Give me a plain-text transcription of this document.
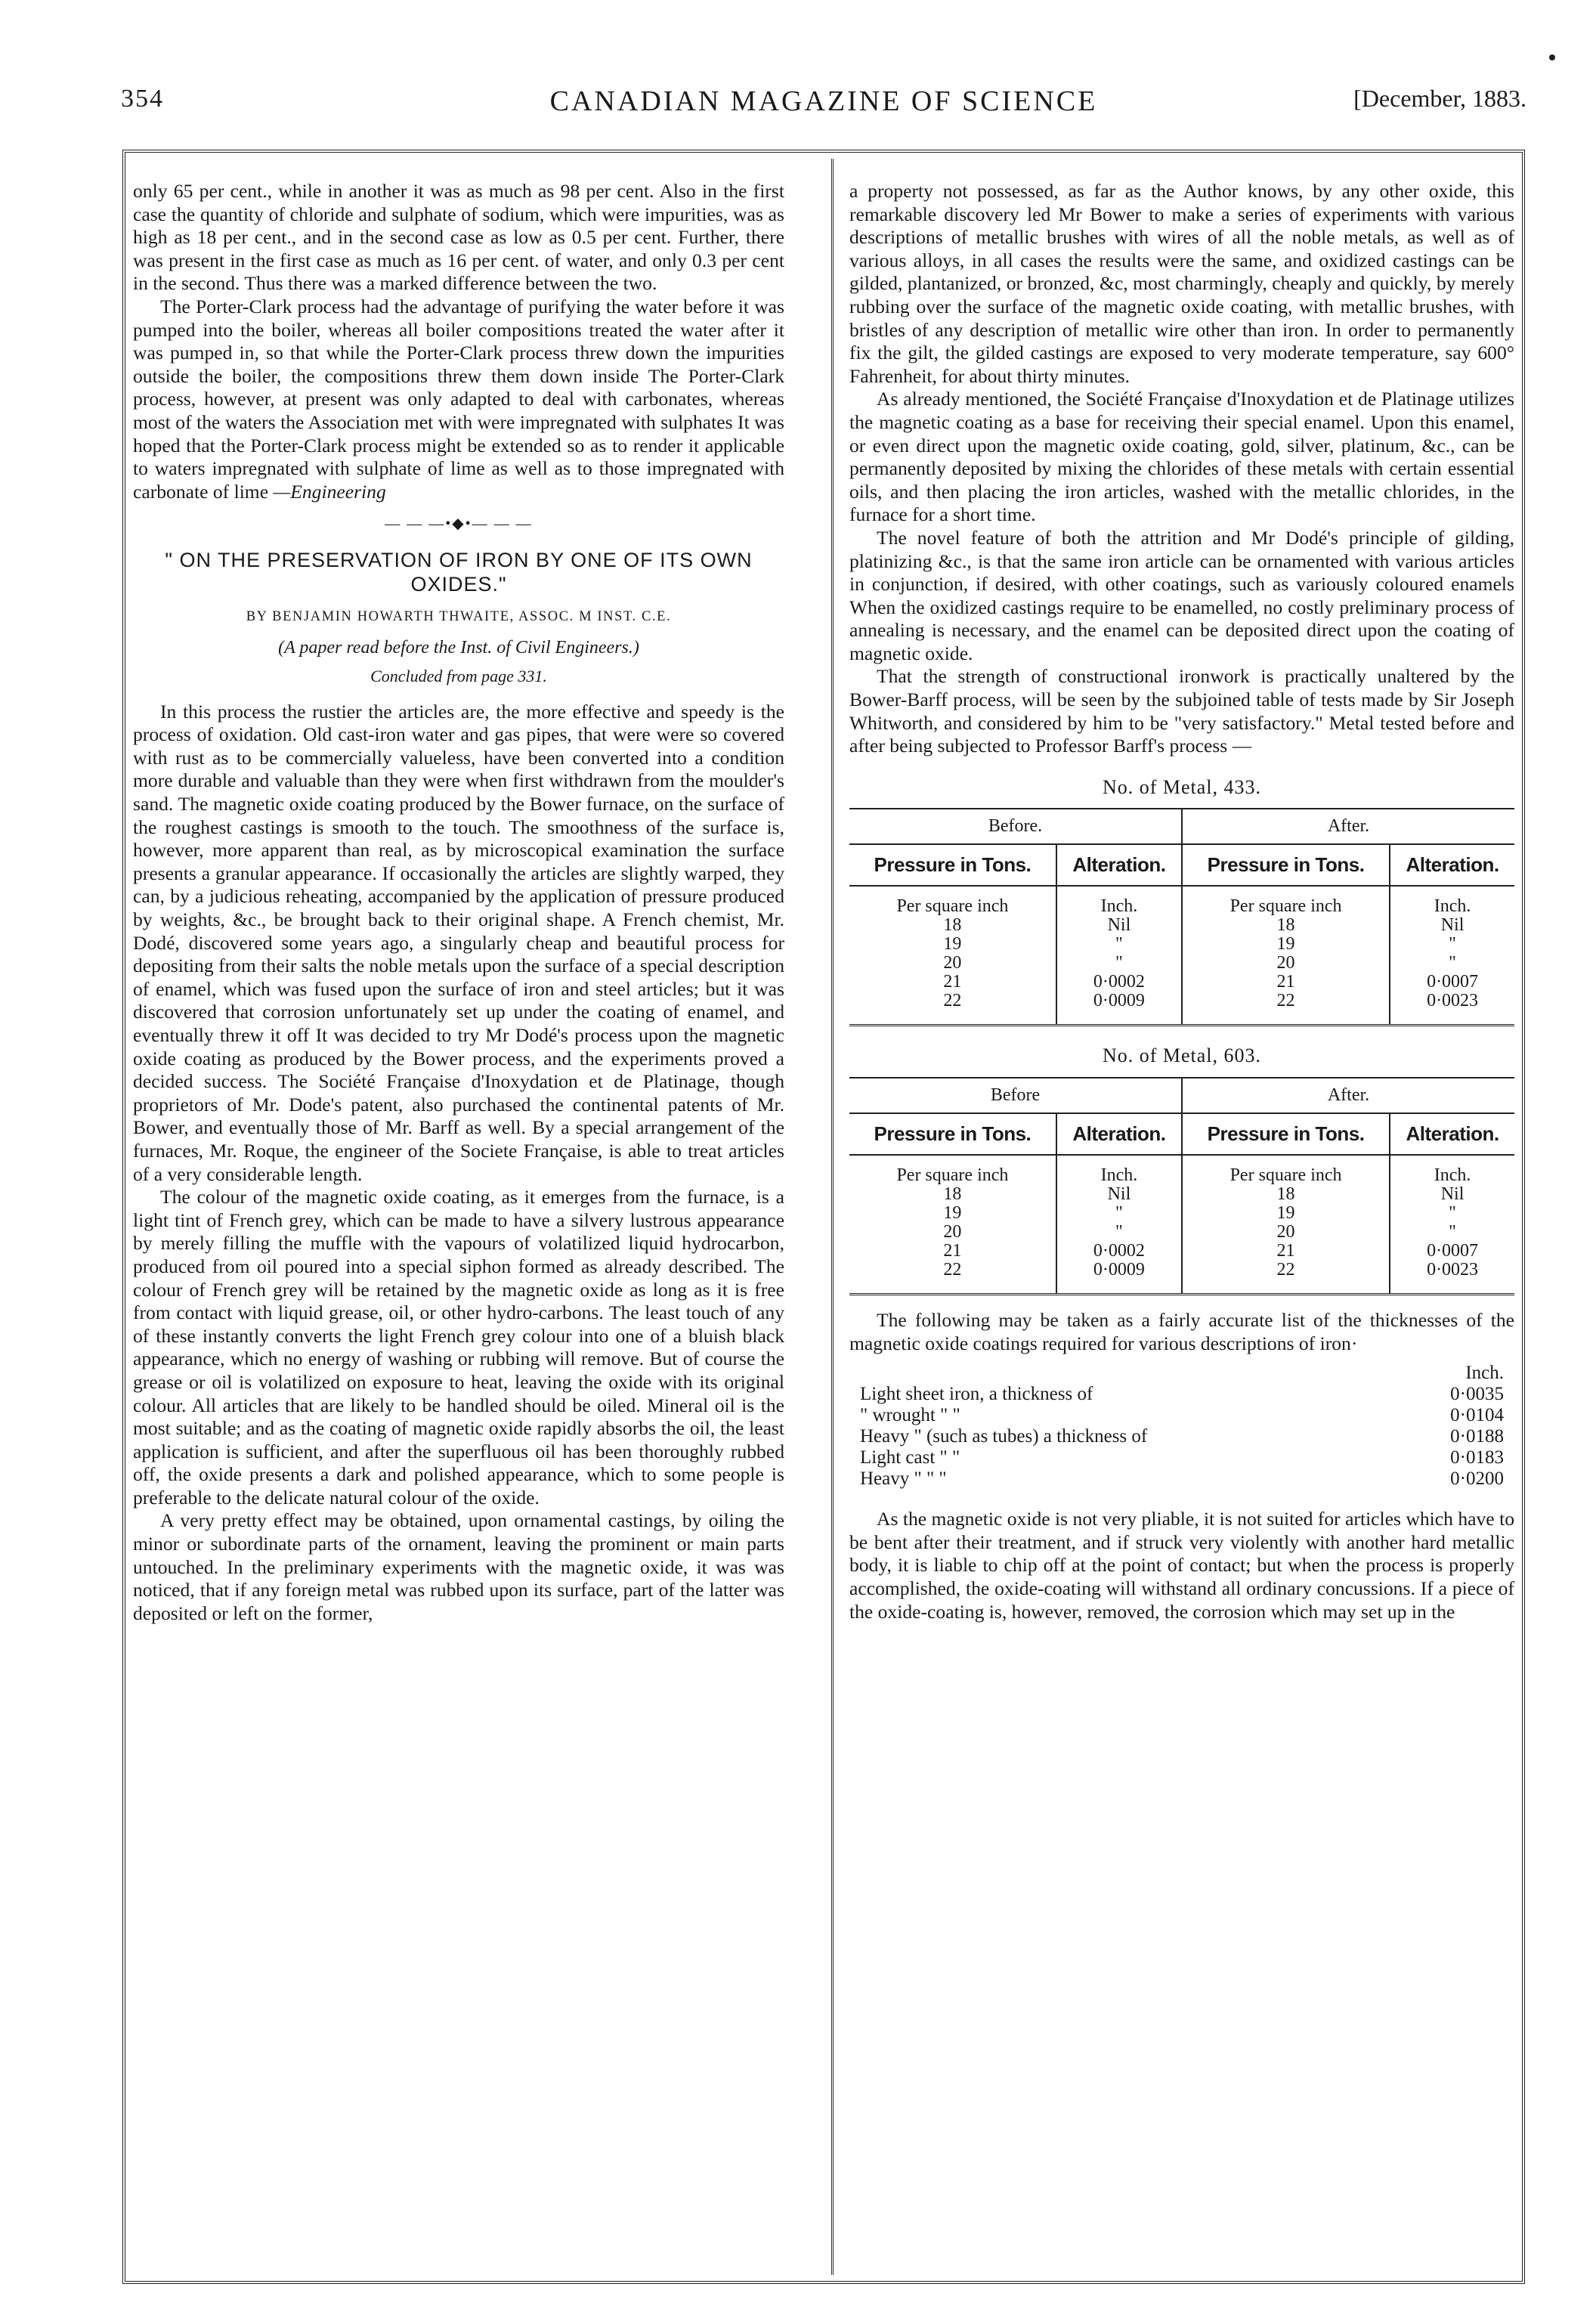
354	CANADIAN MAGAZINE OF SCIENCE	[December, 1883.

only 65 per cent., while in another it was as much as 98 per cent. Also in the first case the quantity of chloride and sulphate of sodium, which were impurities, was as high as 18 per cent., and in the second case as low as 0.5 per cent. Further, there was present in the first case as much as 16 per cent. of water, and only 0.3 per cent in the second. Thus there was a marked difference between the two.

The Porter-Clark process had the advantage of purifying the water before it was pumped into the boiler, whereas all boiler compositions treated the water after it was pumped in, so that while the Porter-Clark process threw down the impurities outside the boiler, the compositions threw them down inside The Porter-Clark process, however, at present was only adapted to deal with carbonates, whereas most of the waters the Association met with were impregnated with sulphates It was hoped that the Porter-Clark process might be extended so as to render it applicable to waters impregnated with sulphate of lime as well as to those impregnated with carbonate of lime —Engineering

— — —•◆•— — —
" ON THE PRESERVATION OF IRON BY ONE OF ITS OWN OXIDES."
BY BENJAMIN HOWARTH THWAITE, ASSOC. M INST. C.E.
(A paper read before the Inst. of Civil Engineers.)
Concluded from page 331.

In this process the rustier the articles are, the more effective and speedy is the process of oxidation. Old cast-iron water and gas pipes, that were were so covered with rust as to be commercially valueless, have been converted into a condition more durable and valuable than they were when first withdrawn from the moulder's sand. The magnetic oxide coating produced by the Bower furnace, on the surface of the roughest castings is smooth to the touch. The smoothness of the surface is, however, more apparent than real, as by microscopical examination the surface presents a granular appearance. If occasionally the articles are slightly warped, they can, by a judicious reheating, accompanied by the application of pressure produced by weights, &c., be brought back to their original shape. A French chemist, Mr. Dodé, discovered some years ago, a singularly cheap and beautiful process for depositing from their salts the noble metals upon the surface of a special description of enamel, which was fused upon the surface of iron and steel articles; but it was discovered that corrosion unfortunately set up under the coating of enamel, and eventually threw it off It was decided to try Mr Dodé's process upon the magnetic oxide coating as produced by the Bower process, and the experiments proved a decided success. The Société Française d'Inoxydation et de Platinage, though proprietors of Mr. Dode's patent, also purchased the continental patents of Mr. Bower, and eventually those of Mr. Barff as well. By a special arrangement of the furnaces, Mr. Roque, the engineer of the Societe Française, is able to treat articles of a very considerable length.

The colour of the magnetic oxide coating, as it emerges from the furnace, is a light tint of French grey, which can be made to have a silvery lustrous appearance by merely filling the muffle with the vapours of volatilized liquid hydrocarbon, produced from oil poured into a special siphon formed as already described. The colour of French grey will be retained by the magnetic oxide as long as it is free from contact with liquid grease, oil, or other hydro-carbons. The least touch of any of these instantly converts the light French grey colour into one of a bluish black appearance, which no energy of washing or rubbing will remove. But of course the grease or oil is volatilized on exposure to heat, leaving the oxide with its original colour. All articles that are likely to be handled should be oiled. Mineral oil is the most suitable; and as the coating of magnetic oxide rapidly absorbs the oil, the least application is sufficient, and after the superfluous oil has been thoroughly rubbed off, the oxide presents a dark and polished appearance, which to some people is preferable to the delicate natural colour of the oxide.

A very pretty effect may be obtained, upon ornamental castings, by oiling the minor or subordinate parts of the ornament, leaving the prominent or main parts untouched. In the preliminary experiments with the magnetic oxide, it was was noticed, that if any foreign metal was rubbed upon its surface, part of the latter was deposited or left on the former,

a property not possessed, as far as the Author knows, by any other oxide, this remarkable discovery led Mr Bower to make a series of experiments with various descriptions of metallic brushes with wires of all the noble metals, as well as of various alloys, in all cases the results were the same, and oxidized castings can be gilded, plantanized, or bronzed, &c, most charmingly, cheaply and quickly, by merely rubbing over the surface of the magnetic oxide coating, with metallic brushes, with bristles of any description of metallic wire other than iron. In order to permanently fix the gilt, the gilded castings are exposed to very moderate temperature, say 600° Fahrenheit, for about thirty minutes.

As already mentioned, the Société Française d'Inoxydation et de Platinage utilizes the magnetic coating as a base for receiving their special enamel. Upon this enamel, or even direct upon the magnetic oxide coating, gold, silver, platinum, &c., can be permanently deposited by mixing the chlorides of these metals with certain essential oils, and then placing the iron articles, washed with the metallic chlorides, in the furnace for a short time.

The novel feature of both the attrition and Mr Dodé's principle of gilding, platinizing &c., is that the same iron article can be ornamented with various articles in conjunction, if desired, with other coatings, such as variously coloured enamels When the oxidized castings require to be enamelled, no costly preliminary process of annealing is necessary, and the enamel can be deposited direct upon the coating of magnetic oxide.

That the strength of constructional ironwork is practically unaltered by the Bower-Barff process, will be seen by the subjoined table of tests made by Sir Joseph Whitworth, and considered by him to be "very satisfactory." Metal tested before and after being subjected to Professor Barff's process —

No. of Metal, 433.
Before.		After.	
Pressure in Tons.	Alteration.	Pressure in Tons.	Alteration.
Per square inch	Inch.	Per square inch	Inch.
18	Nil	18	Nil
19	"	19	"
20	"	20	"
21	0·0002	21	0·0007
22	0·0009	22	0·0023
No. of Metal, 603.
Before		After.	
Pressure in Tons.	Alteration.	Pressure in Tons.	Alteration.
Per square inch	Inch.	Per square inch	Inch.
18	Nil	18	Nil
19	"	19	"
20	"	20	"
21	0·0002	21	0·0007
22	0·0009	22	0·0023

The following may be taken as a fairly accurate list of the thicknesses of the magnetic oxide coatings required for various descriptions of iron·

Inch.
Light sheet iron, a thickness of	0·0035
" wrought " "	0·0104
Heavy " (such as tubes) a thickness of	0·0188
Light cast " "	0·0183
Heavy " " "	0·0200

As the magnetic oxide is not very pliable, it is not suited for articles which have to be bent after their treatment, and if struck very violently with another hard metallic body, it is liable to chip off at the point of contact; but when the process is properly accomplished, the oxide-coating will withstand all ordinary concussions. If a piece of the oxide-coating is, however, removed, the corrosion which may set up in the
